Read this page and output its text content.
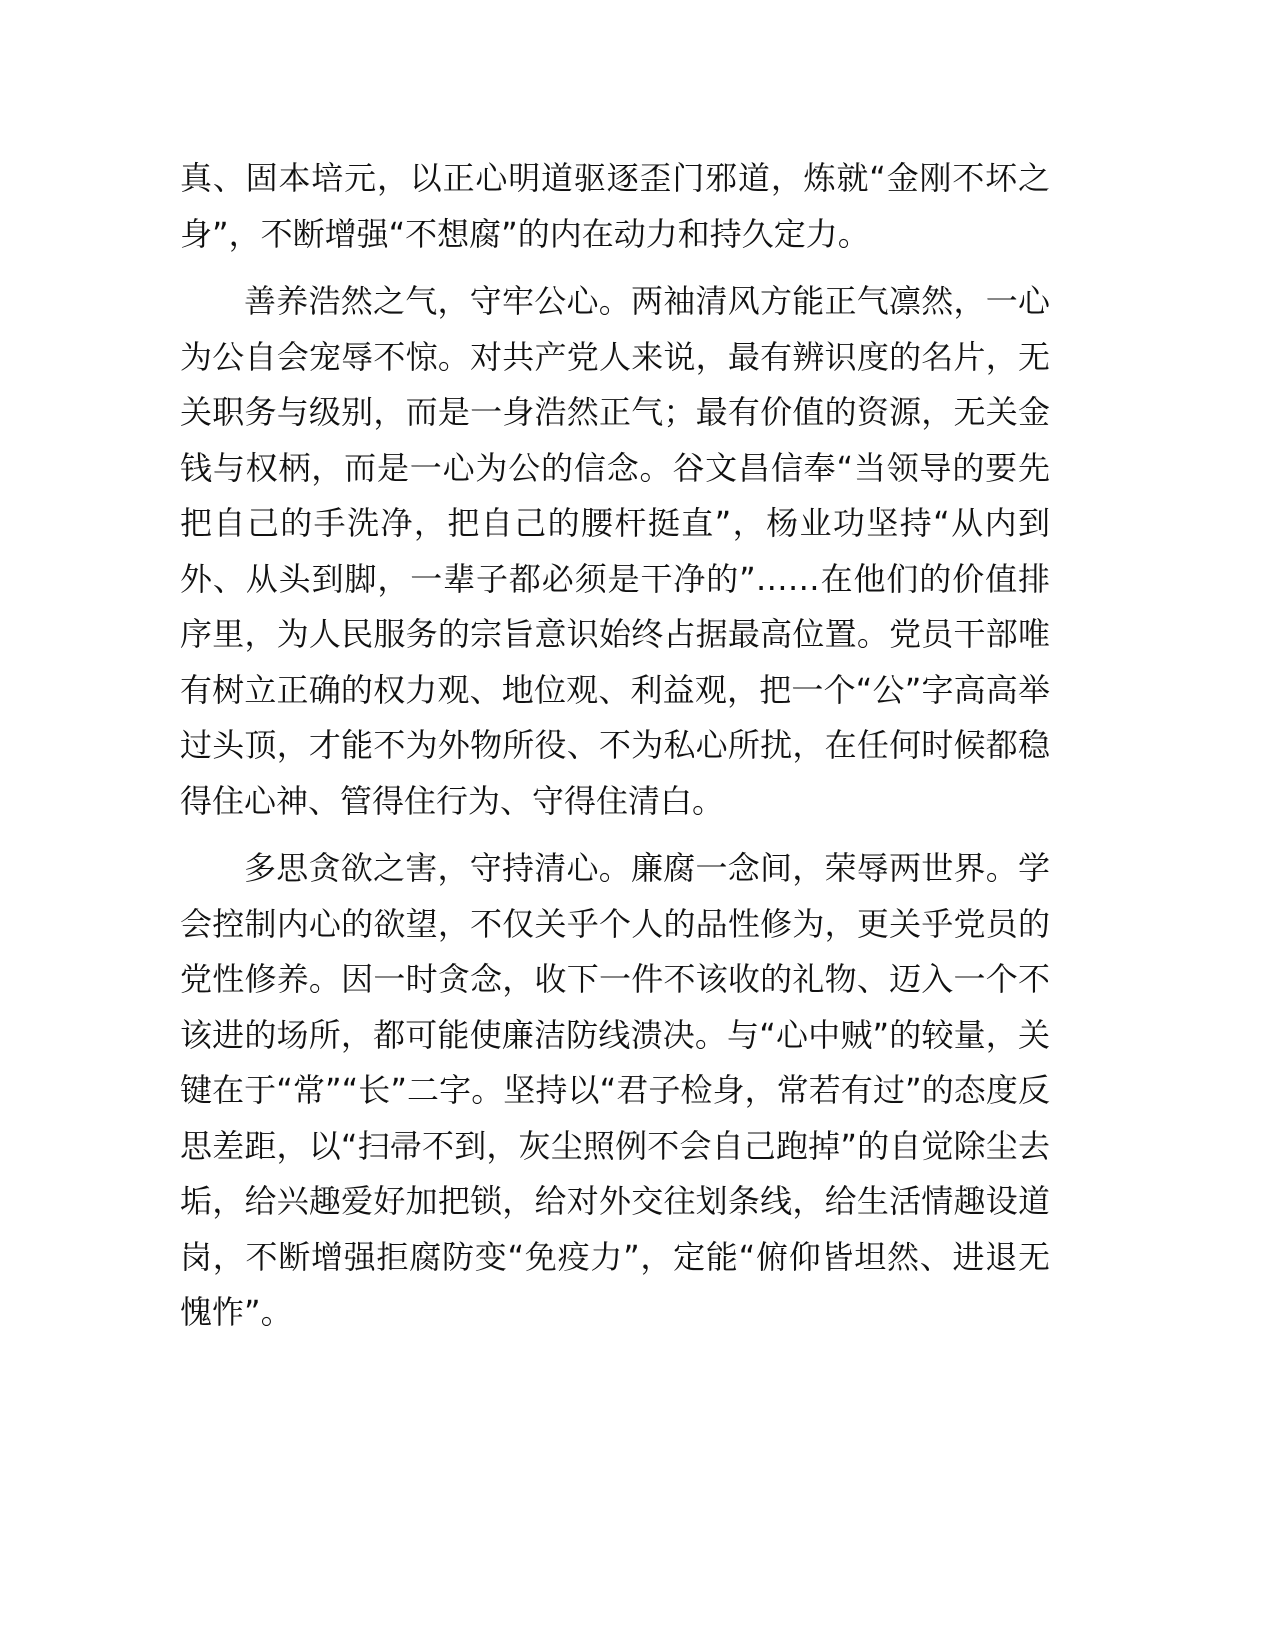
真、固本培元，以正心明道驱逐歪门邪道，炼就“金刚不坏之身”，不断增强“不想腐”的内在动力和持久定力。

善养浩然之气，守牢公心。两袖清风方能正气凛然，一心为公自会宠辱不惊。对共产党人来说，最有辨识度的名片，无关职务与级别，而是一身浩然正气；最有价值的资源，无关金钱与权柄，而是一心为公的信念。谷文昌信奉“当领导的要先把自己的手洗净，把自己的腰杆挺直”，杨业功坚持“从内到外、从头到脚，一辈子都必须是干净的”……在他们的价值排序里，为人民服务的宗旨意识始终占据最高位置。党员干部唯有树立正确的权力观、地位观、利益观，把一个“公”字高高举过头顶，才能不为外物所役、不为私心所扰，在任何时候都稳得住心神、管得住行为、守得住清白。

多思贪欲之害，守持清心。廉腐一念间，荣辱两世界。学会控制内心的欲望，不仅关乎个人的品性修为，更关乎党员的党性修养。因一时贪念，收下一件不该收的礼物、迈入一个不该进的场所，都可能使廉洁防线溃决。与“心中贼”的较量，关键在于“常”“长”二字。坚持以“君子检身，常若有过”的态度反思差距，以“扫帚不到，灰尘照例不会自己跑掉”的自觉除尘去垢，给兴趣爱好加把锁，给对外交往划条线，给生活情趣设道岗，不断增强拒腐防变“免疫力”，定能“俯仰皆坦然、进退无愧怍”。
